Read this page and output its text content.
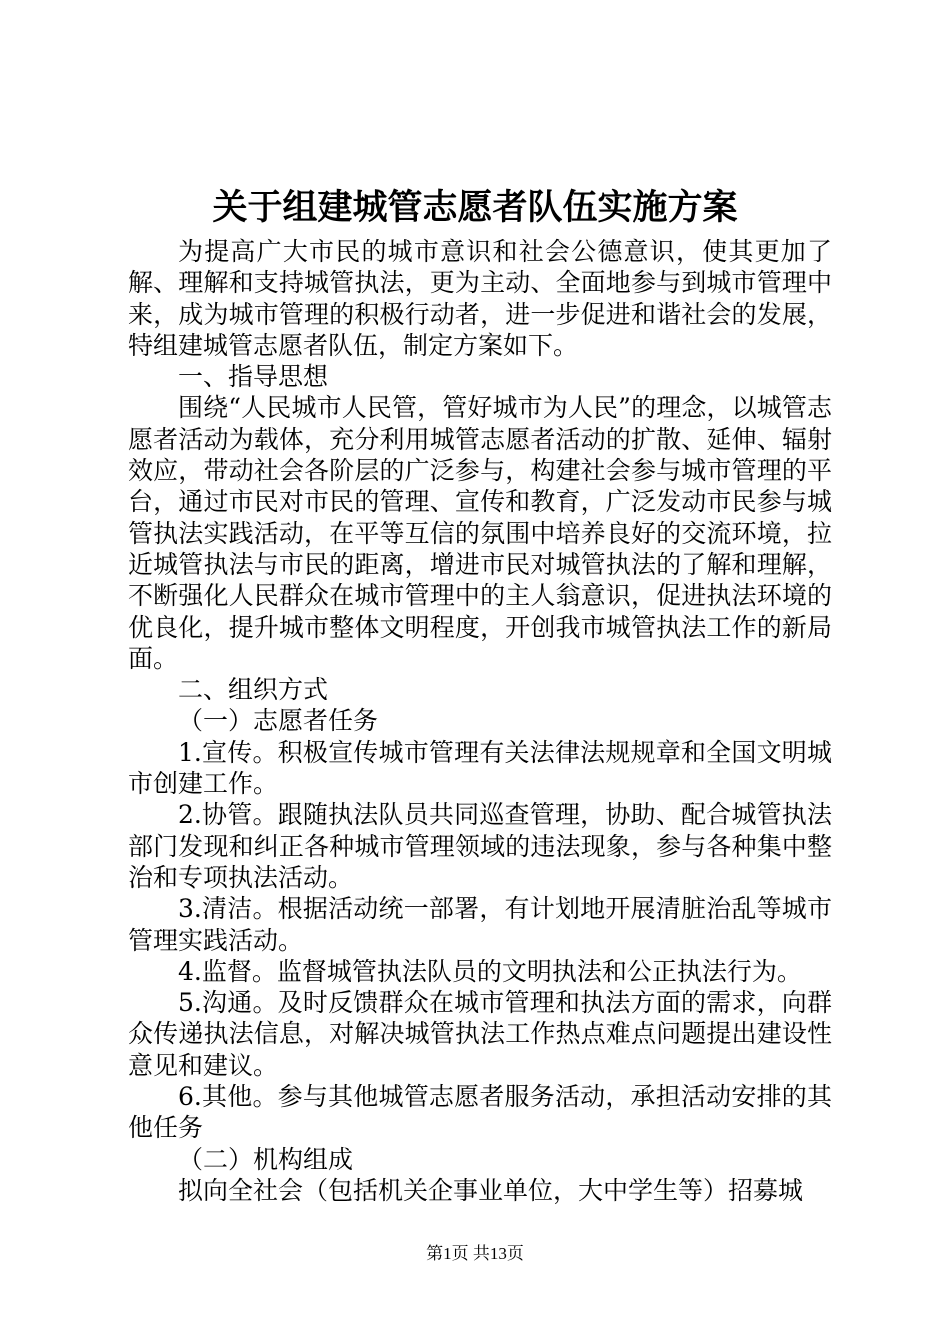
关于组建城管志愿者队伍实施方案

为提高广大市民的城市意识和社会公德意识，使其更加了解、理解和支持城管执法，更为主动、全面地参与到城市管理中来，成为城市管理的积极行动者，进一步促进和谐社会的发展，特组建城管志愿者队伍，制定方案如下。

一、指导思想

围绕“人民城市人民管，管好城市为人民”的理念，以城管志愿者活动为载体，充分利用城管志愿者活动的扩散、延伸、辐射效应，带动社会各阶层的广泛参与，构建社会参与城市管理的平台，通过市民对市民的管理、宣传和教育，广泛发动市民参与城管执法实践活动，在平等互信的氛围中培养良好的交流环境，拉近城管执法与市民的距离，增进市民对城管执法的了解和理解，不断强化人民群众在城市管理中的主人翁意识，促进执法环境的优良化，提升城市整体文明程度，开创我市城管执法工作的新局面。

二、组织方式

（一）志愿者任务

1.宣传。积极宣传城市管理有关法律法规规章和全国文明城市创建工作。

2.协管。跟随执法队员共同巡查管理，协助、配合城管执法部门发现和纠正各种城市管理领域的违法现象，参与各种集中整治和专项执法活动。

3.清洁。根据活动统一部署，有计划地开展清脏治乱等城市管理实践活动。

4.监督。监督城管执法队员的文明执法和公正执法行为。

5.沟通。及时反馈群众在城市管理和执法方面的需求，向群众传递执法信息，对解决城管执法工作热点难点问题提出建设性意见和建议。

6.其他。参与其他城管志愿者服务活动，承担活动安排的其他任务

（二）机构组成

拟向全社会（包括机关企事业单位，大中学生等）招募城

第1页 共13页
